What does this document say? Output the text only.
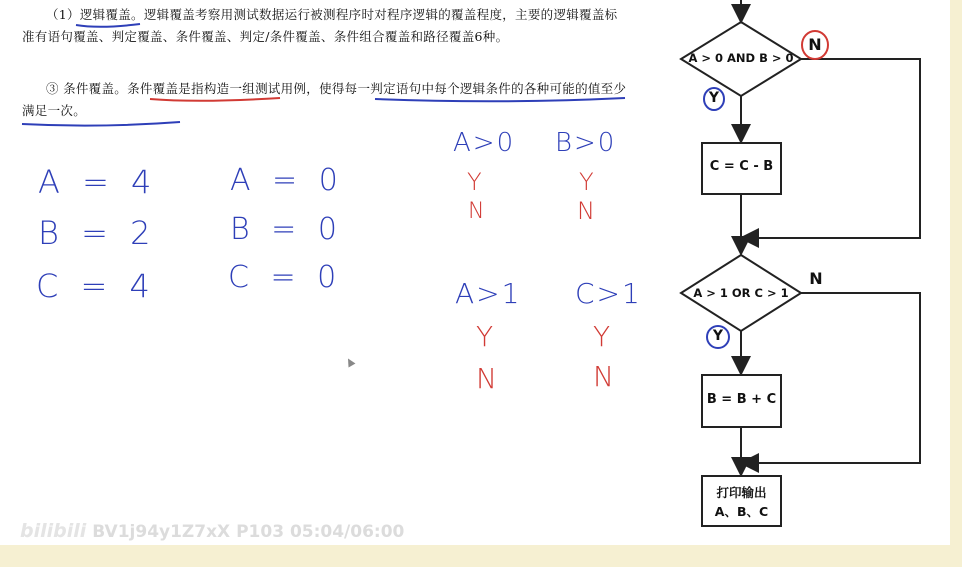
（1）逻辑覆盖。逻辑覆盖考察用测试数据运行被测程序时对程序逻辑的覆盖程度，主要的逻辑覆盖标准有语句覆盖、判定覆盖、条件覆盖、判定/条件覆盖、条件组合覆盖和路径覆盖6种。
③ 条件覆盖。条件覆盖是指构造一组测试用例，使得每一判定语句中每个逻辑条件的各种可能的值至少满足一次。
A = 4
B = 2
C = 4
A = 0
B = 0
C = 0
A>0 B>0
Y	Y
N	N
A>1 C>1
Y	Y
N	N
A > 0 AND B > 0
C = C - B
A > 1 OR C > 1
B = B + C
打印输出
A、B、C
Y
N
Y
N
bilibili BV1j94y1Z7xX P103 05:04/06:00
